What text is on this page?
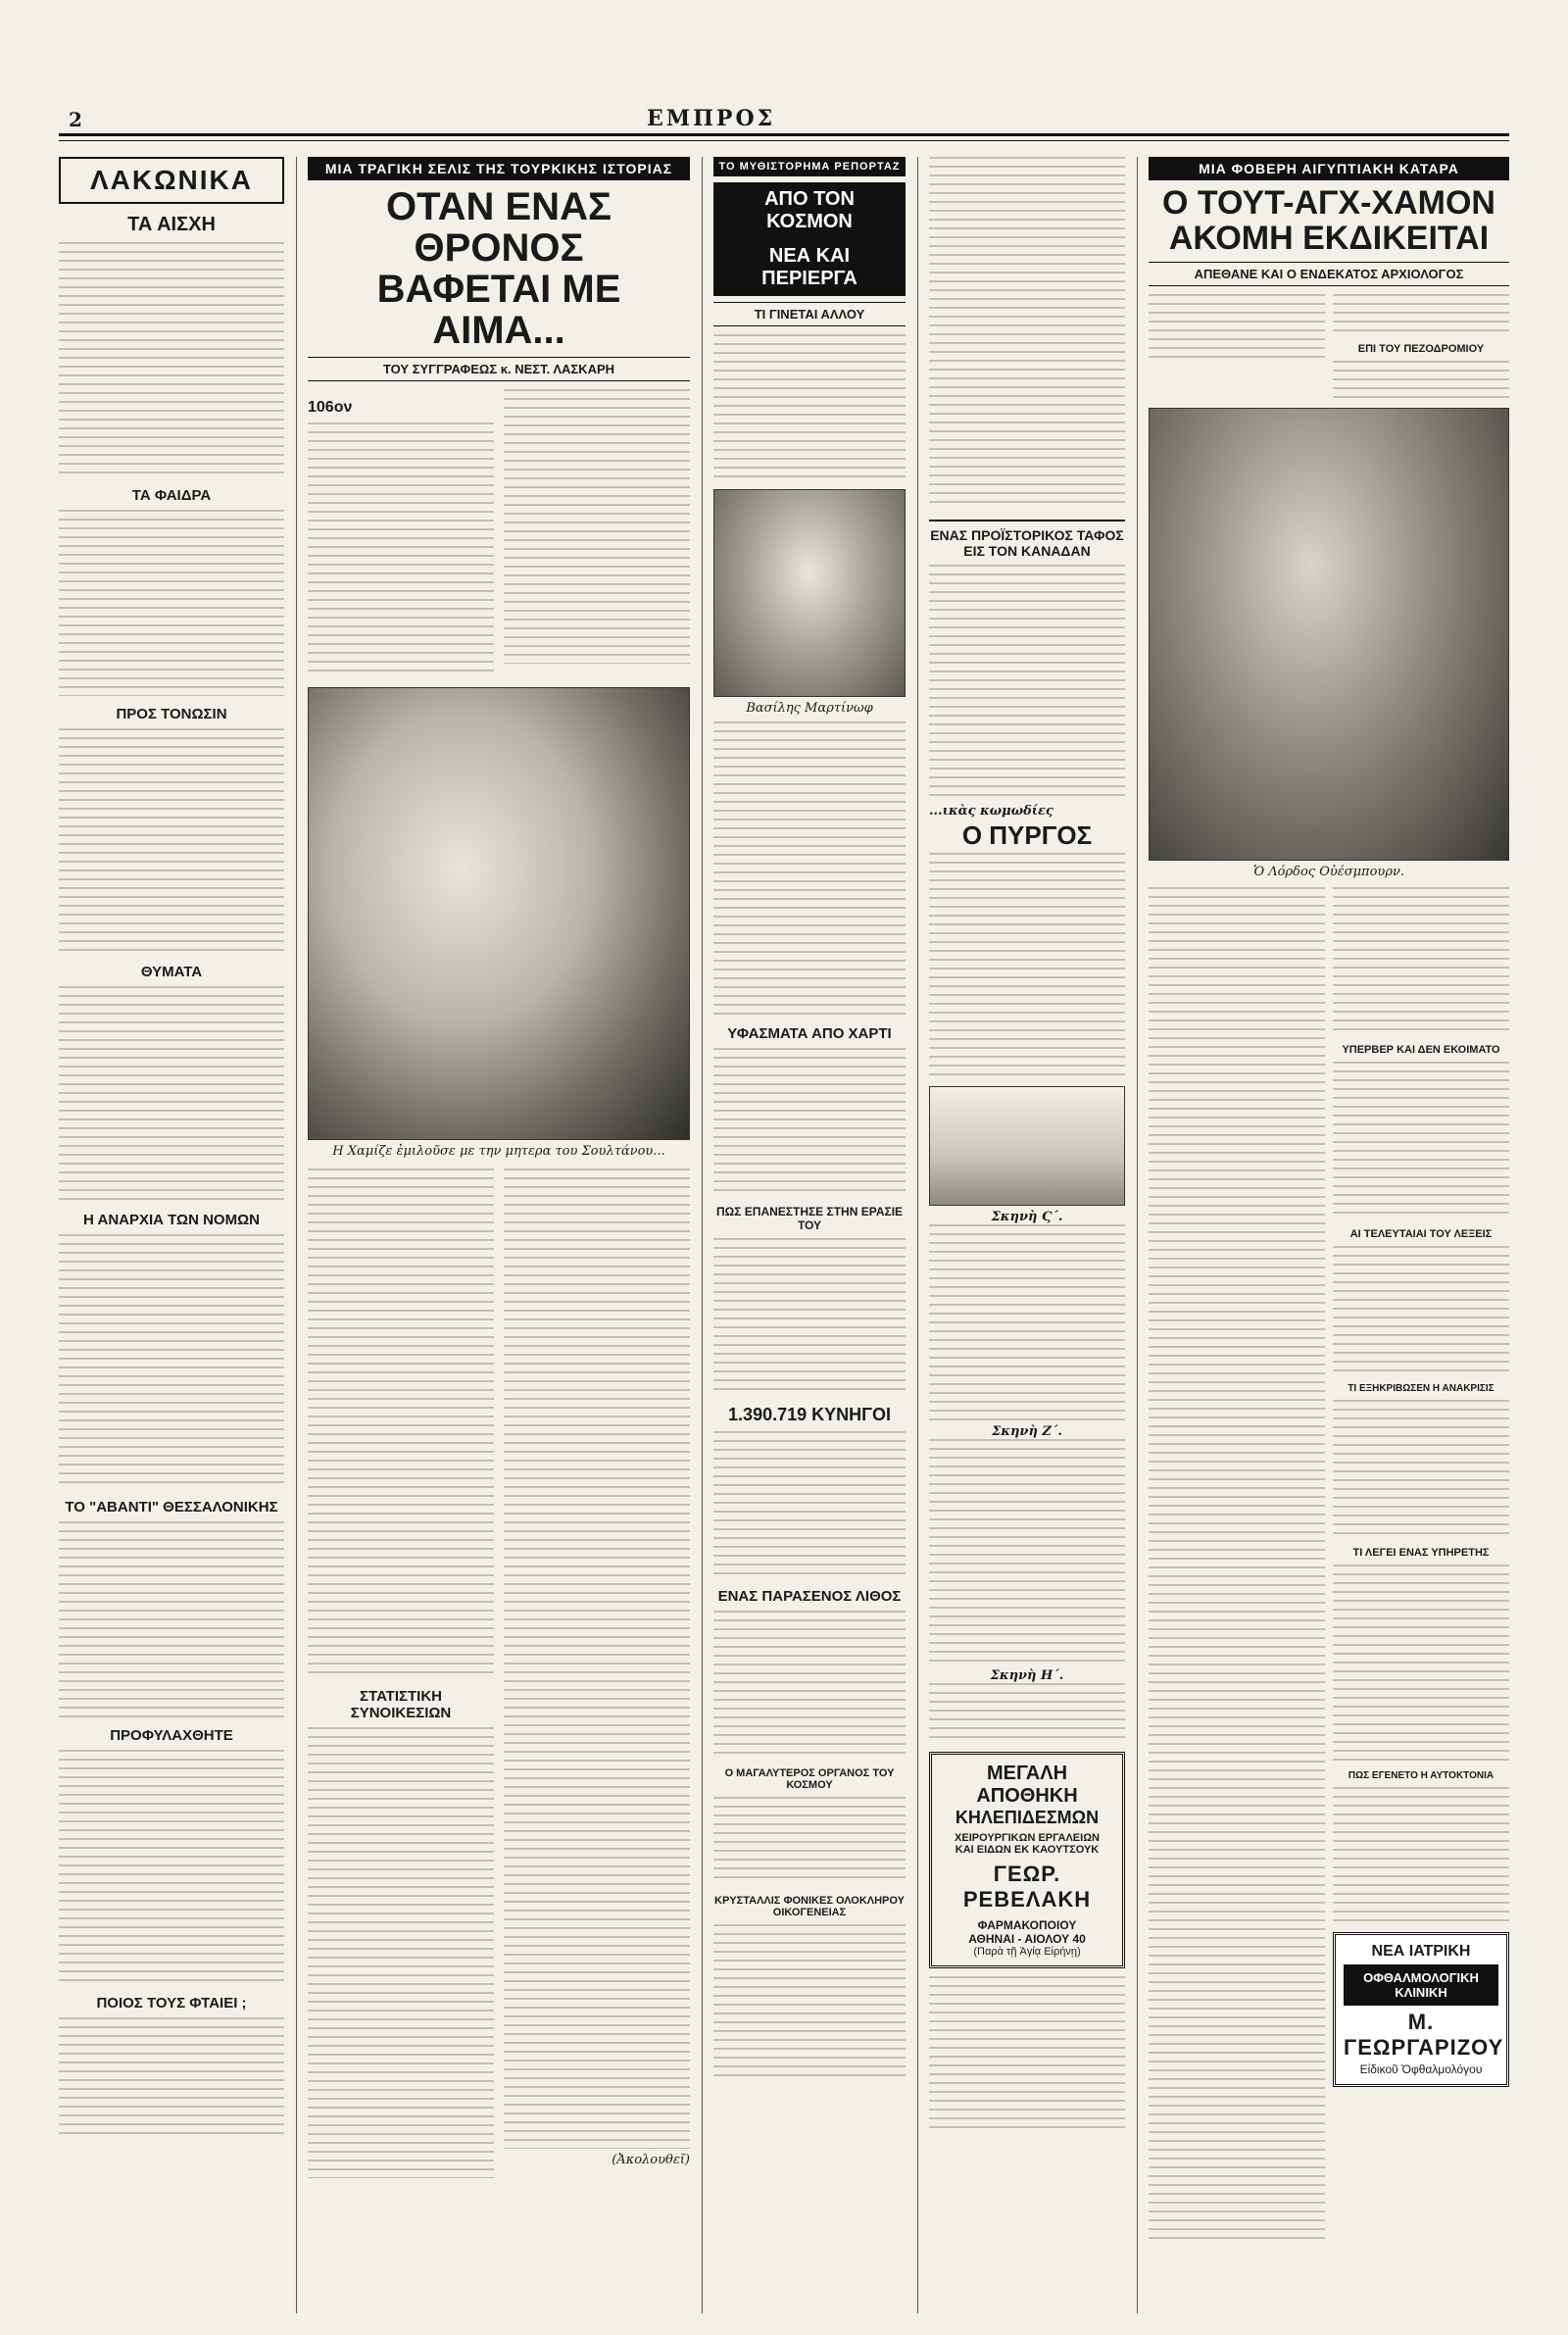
2	ΕΜΠΡΟΣ
ΛΑΚΩΝΙΚΑ
ΤΑ ΑΙΣΧΗ
ΤΑ ΦΑΙΔΡΑ
ΠΡΟΣ ΤΟΝΩΣΙΝ
ΘΥΜΑΤΑ
Η ΑΝΑΡΧΙΑ ΤΩΝ ΝΟΜΩΝ
ΤΟ "ΑΒΑΝΤΙ" ΘΕΣΣΑΛΟΝΙΚΗΣ
ΠΡΟΦΥΛΑΧΘΗΤΕ
ΠΟΙΟΣ ΤΟΥΣ ΦΤΑΙΕΙ ;
ΜΙΑ ΤΡΑΓΙΚΗ ΣΕΛΙΣ ΤΗΣ ΤΟΥΡΚΙΚΗΣ ΙΣΤΟΡΙΑΣ
ΟΤΑΝ ΕΝΑΣ ΘΡΟΝΟΣ
ΒΑΦΕΤΑΙ ΜΕ ΑΙΜΑ...
ΤΟΥ ΣΥΓΓΡΑΦΕΩΣ κ. ΝΕΣΤ. ΛΑΣΚΑΡΗ
106ον
Η Χαμίζε ἐμιλοῦσε με την μητερα του Σουλτάνου...
ΣΤΑΤΙΣΤΙΚΗ ΣΥΝΟΙΚΕΣΙΩΝ
(Ἀκολουθεῖ)
ΤΟ ΜΥΘΙΣΤΟΡΗΜΑ ΡΕΠΟΡΤΑΖ
ΑΠΟ ΤΟΝ ΚΟΣΜΟΝ
ΝΕΑ ΚΑΙ ΠΕΡΙΕΡΓΑ
ΤΙ ΓΙΝΕΤΑΙ ΑΛΛΟΥ
Βασίλης Μαρτίνωφ
ΥΦΑΣΜΑΤΑ ΑΠΟ ΧΑΡΤΙ
ΠΩΣ ΕΠΑΝΕΣΤΗΣΕ ΣΤΗΝ ΕΡΑΣΙΕ ΤΟΥ
1.390.719 ΚΥΝΗΓΟΙ
ΕΝΑΣ ΠΑΡΑΣΕΝΟΣ ΛΙΘΟΣ
Ο ΜΑΓΑΛΥΤΕΡΟΣ ΟΡΓΑΝΟΣ ΤΟΥ ΚΟΣΜΟΥ
ΚΡΥΣΤΑΛΛΙΣ ΦΟΝΙΚΕΣ ΟΛΟΚΛΗΡΟΥ ΟΙΚΟΓΕΝΕΙΑΣ
ΕΝΑΣ ΠΡΟΪΣΤΟΡΙΚΟΣ ΤΑΦΟΣ ΕΙΣ ΤΟΝ ΚΑΝΑΔΑΝ
...ικὰς κωμωδίες
Ο ΠΥΡΓΟΣ
Σκηνὴ Ϛ΄.
Σκηνὴ Ζ΄.
Σκηνὴ Η΄.
ΜΕΓΑΛΗ ΑΠΟΘΗΚΗ
ΚΗΛΕΠΙΔΕΣΜΩΝ
ΧΕΙΡΟΥΡΓΙΚΩΝ ΕΡΓΑΛΕΙΩΝ
ΚΑΙ ΕΙΔΩΝ ΕΚ ΚΑΟΥΤΣΟΥΚ
ΓΕΩΡ. ΡΕΒΕΛΑΚΗ
ΦΑΡΜΑΚΟΠΟΙΟΥ
ΑΘΗΝΑΙ - ΑΙΟΛΟΥ 40
(Παρὰ τῇ Ἁγίᾳ Εἰρήνῃ)
ΜΙΑ ΦΟΒΕΡΗ ΑΙΓΥΠΤΙΑΚΗ ΚΑΤΑΡΑ
Ο ΤΟΥΤ-ΑΓΧ-ΧΑΜΟΝ
ΑΚΟΜΗ ΕΚΔΙΚΕΙΤΑΙ
ΑΠΕΘΑΝΕ ΚΑΙ Ο ΕΝΔΕΚΑΤΟΣ ΑΡΧΙΟΛΟΓΟΣ
ΕΠΙ ΤΟΥ ΠΕΖΟΔΡΟΜΙΟΥ
Ὁ Λόρδος Οὐέσμπουρν.
ΥΠΕΡΒΕΡ ΚΑΙ ΔΕΝ ΕΚΟΙΜΑΤΟ
ΑΙ ΤΕΛΕΥΤΑΙΑΙ ΤΟΥ ΛΕΞΕΙΣ
ΤΙ ΕΞΗΚΡΙΒΩΣΕΝ Η ΑΝΑΚΡΙΣΙΣ
ΤΙ ΛΕΓΕΙ ΕΝΑΣ ΥΠΗΡΕΤΗΣ
ΠΩΣ ΕΓΕΝΕΤΟ Η ΑΥΤΟΚΤΟΝΙΑ
ΝΕΑ ΙΑΤΡΙΚΗ
ΟΦΘΑΛΜΟΛΟΓΙΚΗ ΚΛΙΝΙΚΗ
Μ. ΓΕΩΡΓΑΡΙΖΟΥ
Εἰδικοῦ Ὀφθαλμολόγου
